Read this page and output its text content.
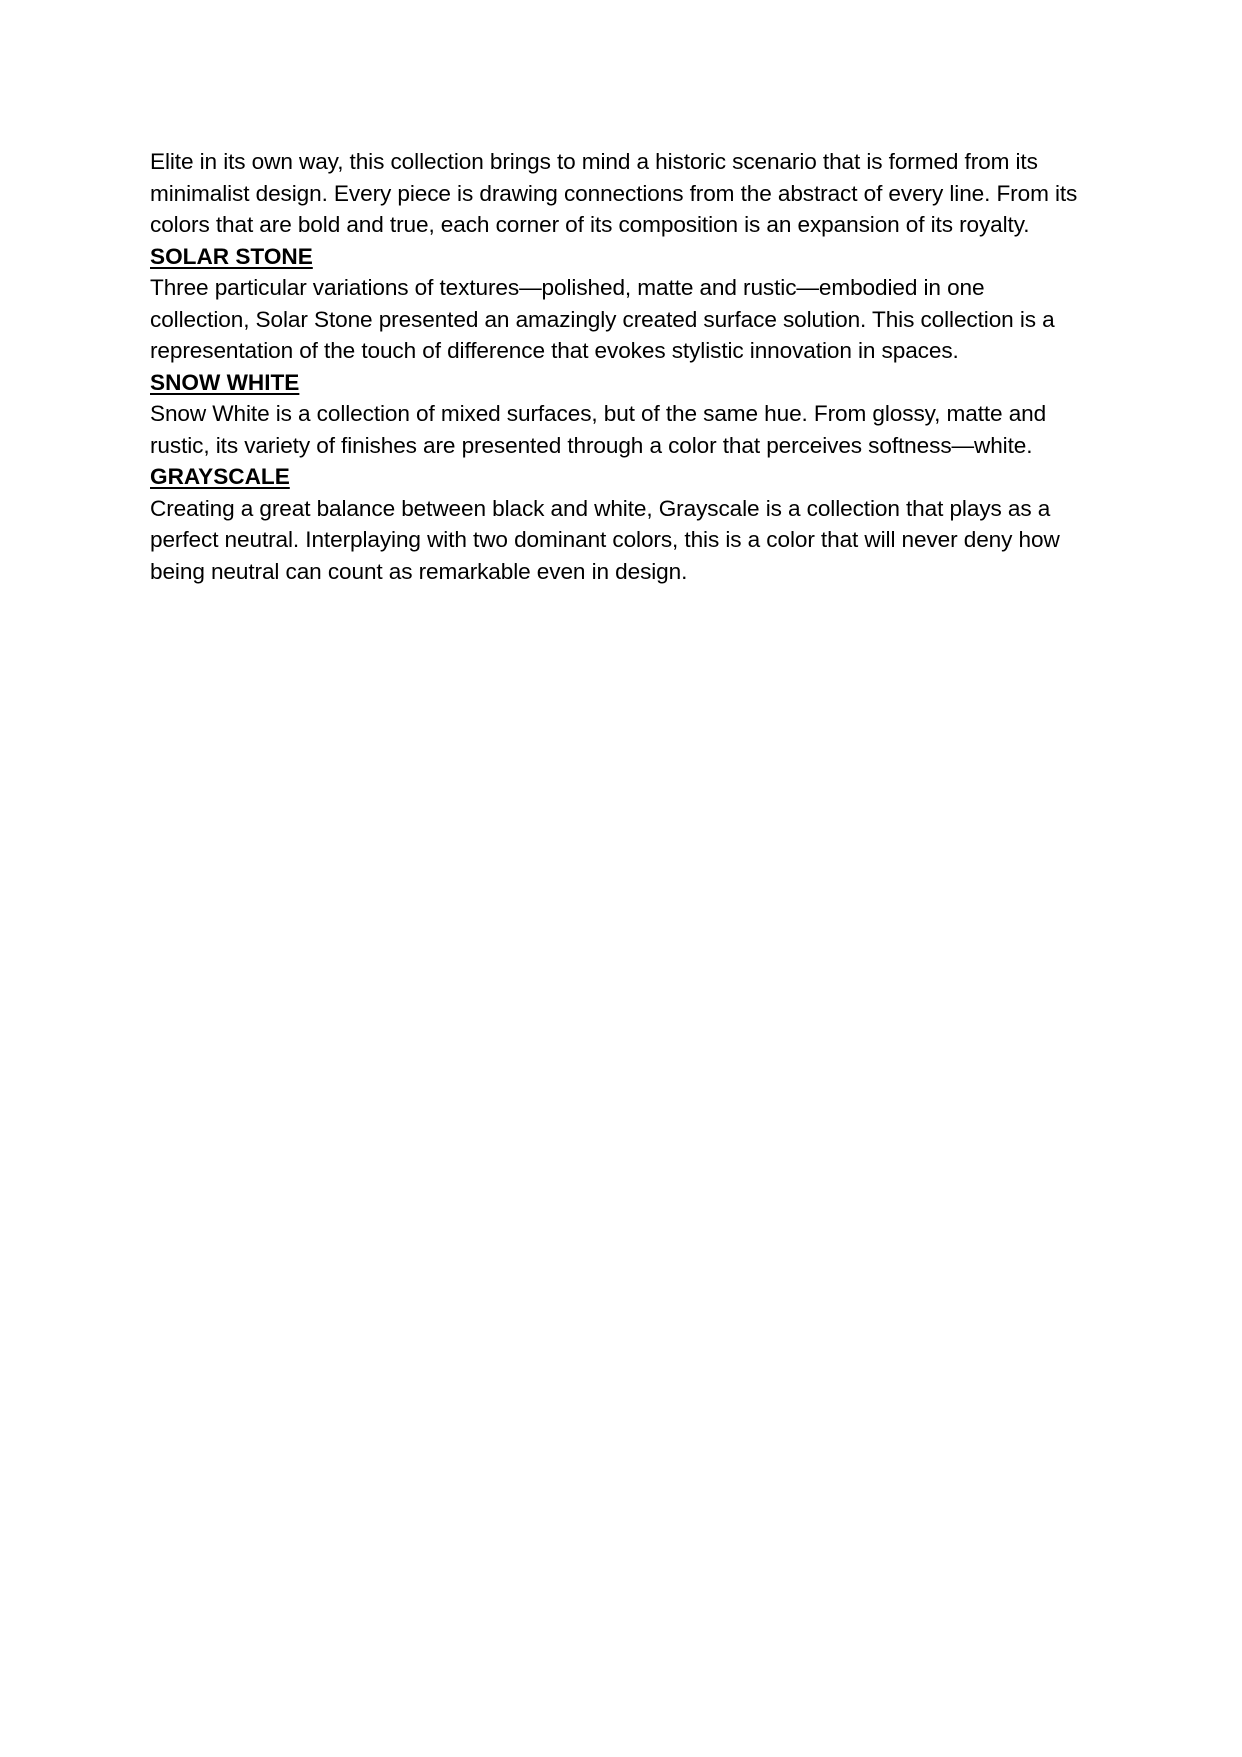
Elite in its own way, this collection brings to mind a historic scenario that is formed from its minimalist design. Every piece is drawing connections from the abstract of every line. From its colors that are bold and true, each corner of its composition is an expansion of its royalty.

SOLAR STONE

Three particular variations of textures—polished, matte and rustic—embodied in one collection, Solar Stone presented an amazingly created surface solution. This collection is a representation of the touch of difference that evokes stylistic innovation in spaces.

SNOW WHITE

Snow White is a collection of mixed surfaces, but of the same hue. From glossy, matte and rustic, its variety of finishes are presented through a color that perceives softness—white.

GRAYSCALE

Creating a great balance between black and white, Grayscale is a collection that plays as a perfect neutral. Interplaying with two dominant colors, this is a color that will never deny how being neutral can count as remarkable even in design.
